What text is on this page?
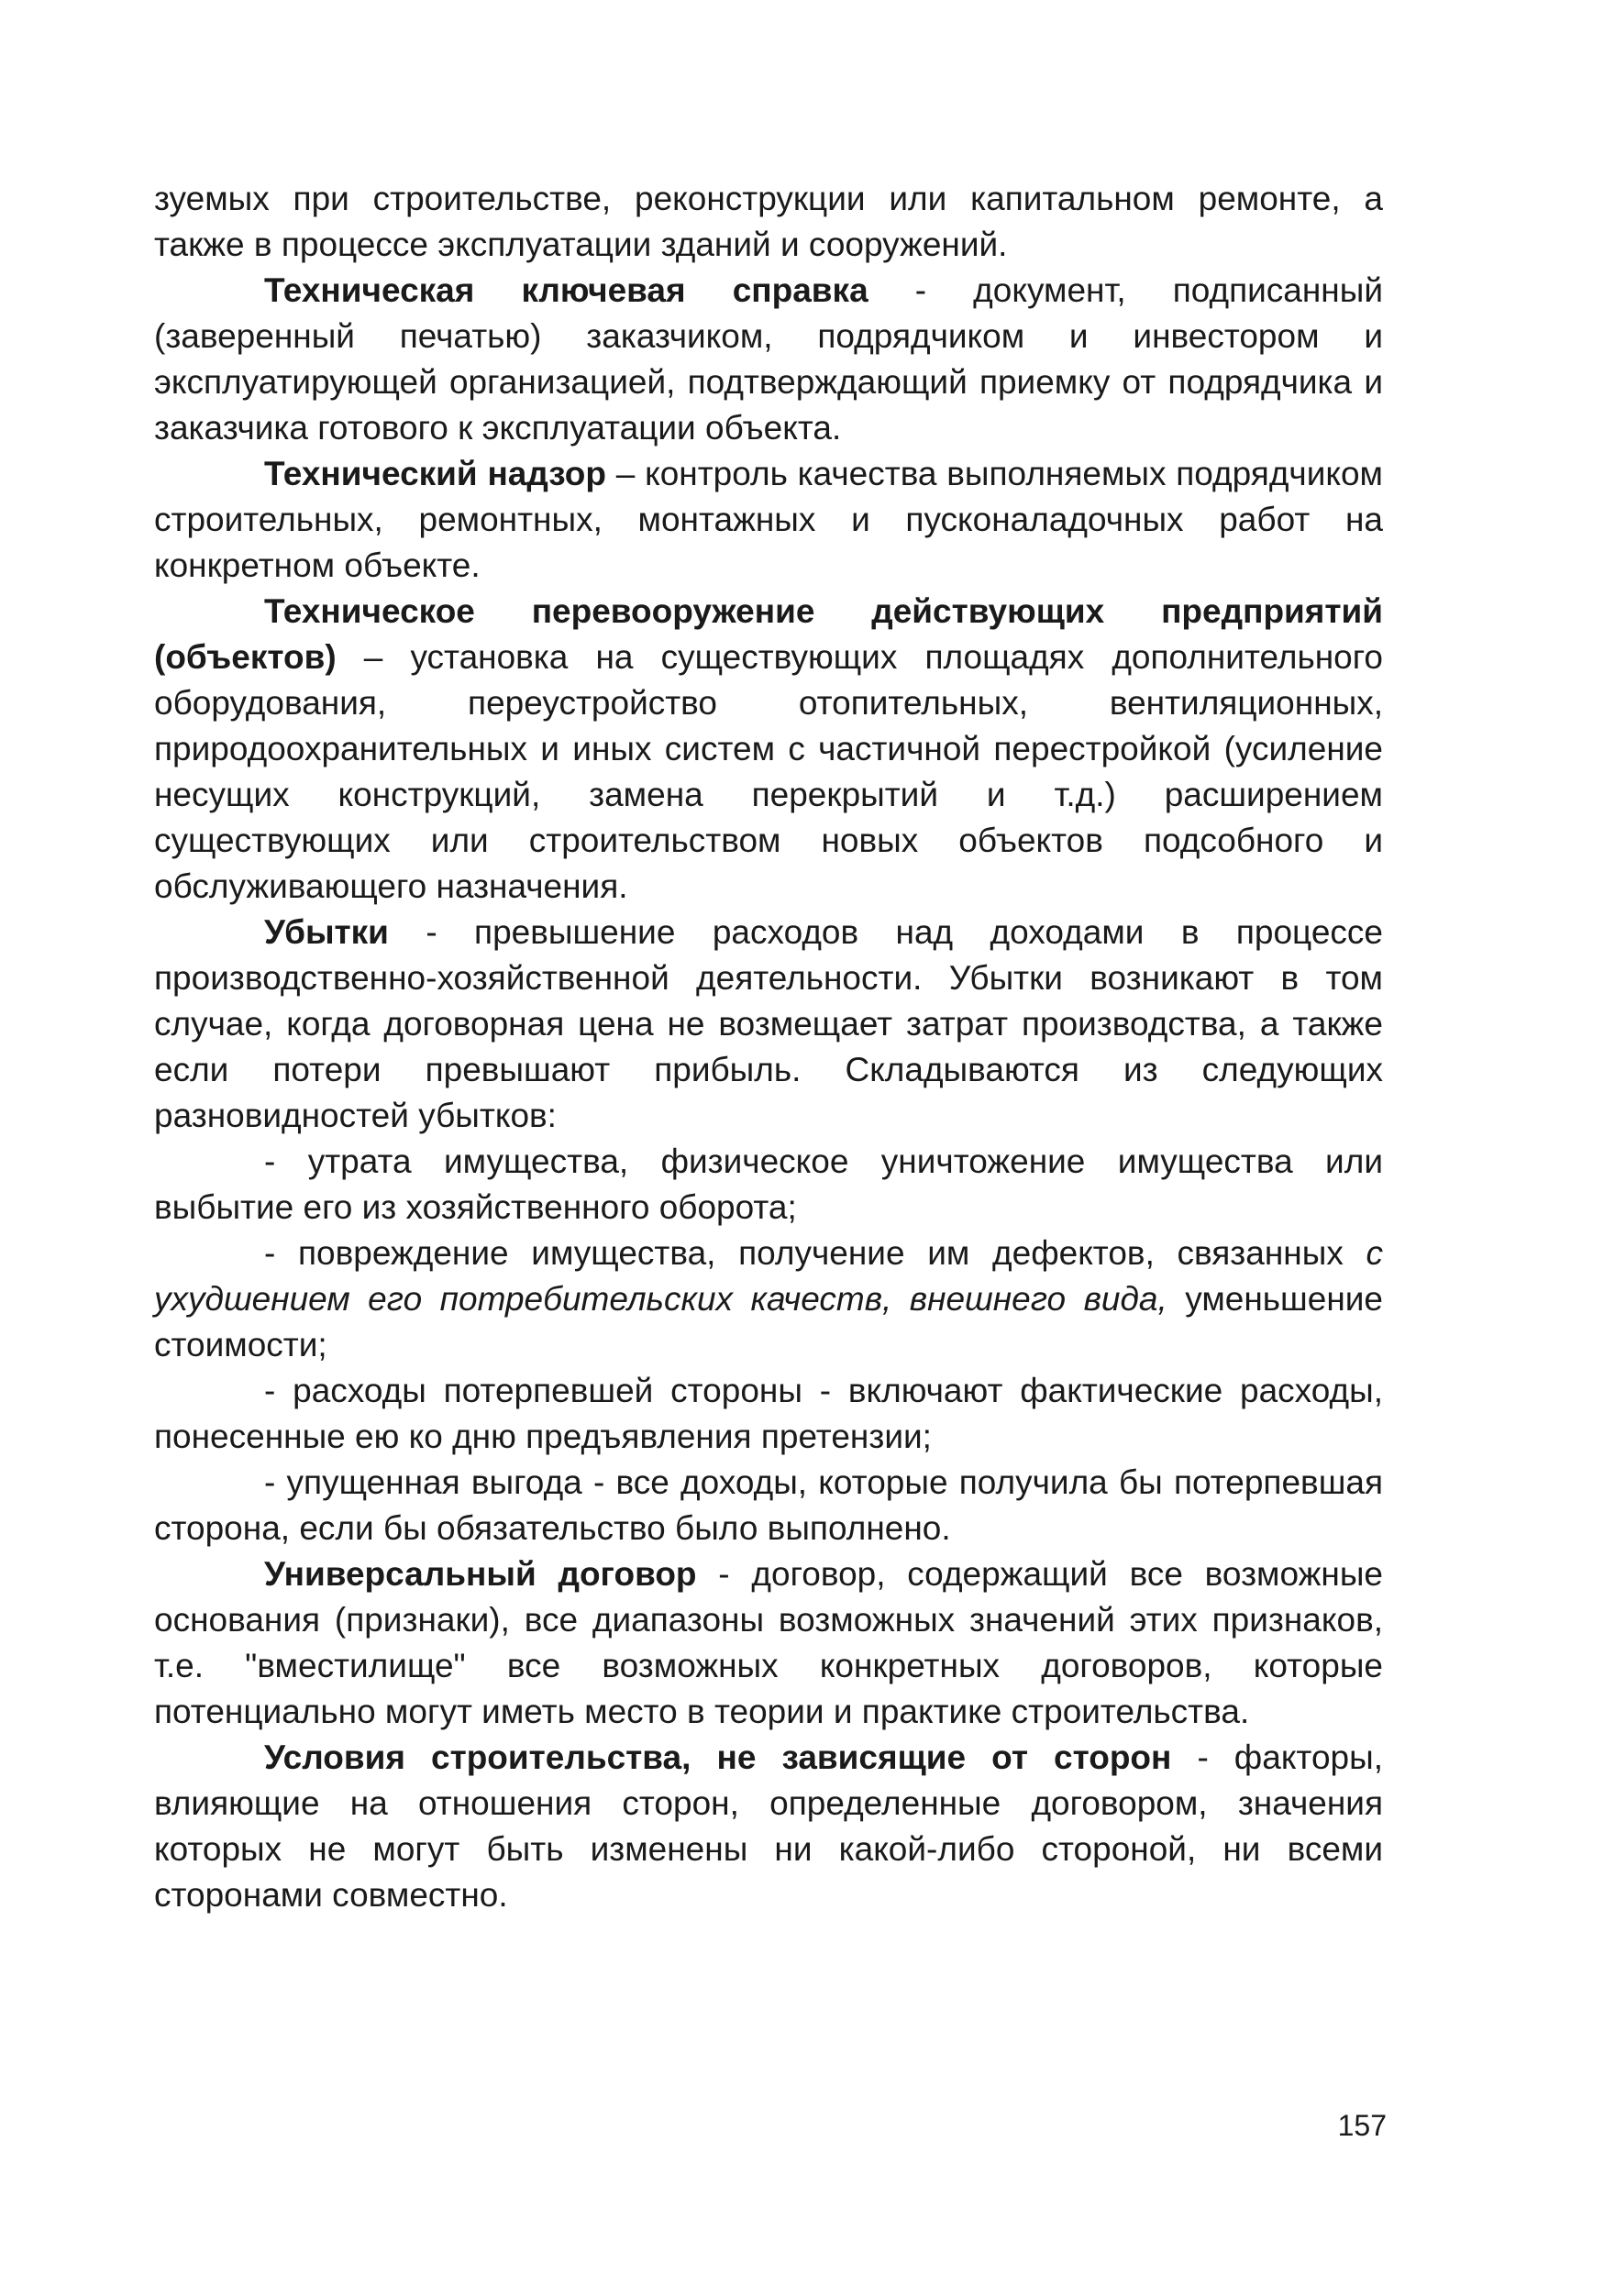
зуемых при строительстве, реконструкции или капитальном ремонте, а также в процессе эксплуатации зданий и сооружений.

Техническая ключевая справка - документ, подписанный (заверенный печатью) заказчиком, подрядчиком и инвестором и эксплуатирующей организацией, подтверждающий приемку от подрядчика и заказчика готового к эксплуатации объекта.

Технический надзор – контроль качества выполняемых подрядчиком строительных, ремонтных, монтажных и пусконаладочных работ на конкретном объекте.

Техническое перевооружение действующих предприятий (объектов) – установка на существующих площадях дополнительного оборудования, переустройство отопительных, вентиляционных, природоохранительных и иных систем с частичной перестройкой (усиление несущих конструкций, замена перекрытий и т.д.) расширением существующих или строительством новых объектов подсобного и обслуживающего назначения.

Убытки - превышение расходов над доходами в процессе производственно-хозяйственной деятельности. Убытки возникают в том случае, когда договорная цена не возмещает затрат производства, а также если потери превышают прибыль. Складываются из следующих разновидностей убытков:

- утрата имущества, физическое уничтожение имущества или выбытие его из хозяйственного оборота;

- повреждение имущества, получение им дефектов, связанных с ухудшением его потребительских качеств, внешнего вида, уменьшение стоимости;

- расходы потерпевшей стороны - включают фактические расходы, понесенные ею ко дню предъявления претензии;

- упущенная выгода - все доходы, которые получила бы потерпевшая сторона, если бы обязательство было выполнено.

Универсальный договор - договор, содержащий все возможные основания (признаки), все диапазоны возможных значений этих признаков, т.е. "вместилище" все возможных конкретных договоров, которые потенциально могут иметь место в теории и практике строительства.

Условия строительства, не зависящие от сторон - факторы, влияющие на отношения сторон, определенные договором, значения которых не могут быть изменены ни какой-либо стороной, ни всеми сторонами совместно.

157
